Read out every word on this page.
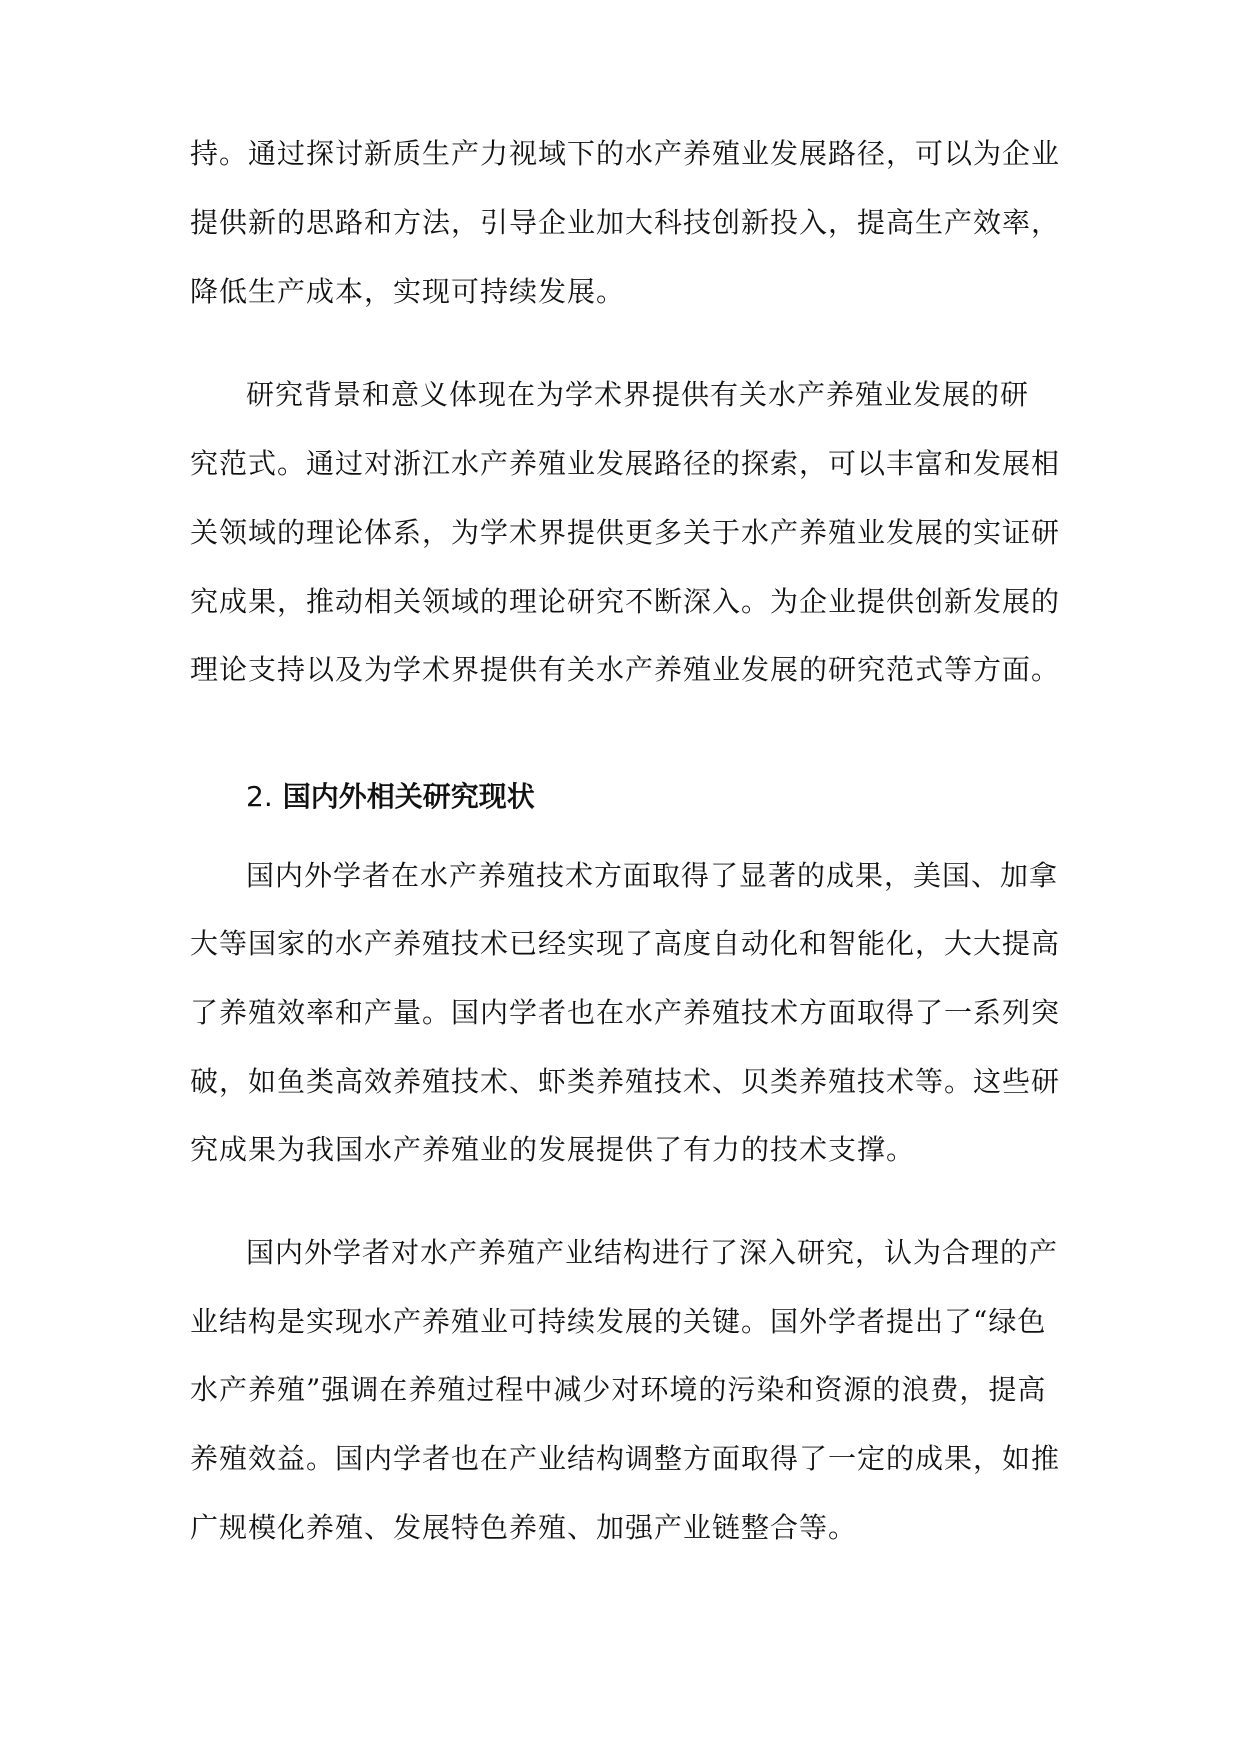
持。通过探讨新质生产力视域下的水产养殖业发展路径，可以为企业
提供新的思路和方法，引导企业加大科技创新投入，提高生产效率，
降低生产成本，实现可持续发展。
研究背景和意义体现在为学术界提供有关水产养殖业发展的研
究范式。通过对浙江水产养殖业发展路径的探索，可以丰富和发展相
关领域的理论体系，为学术界提供更多关于水产养殖业发展的实证研
究成果，推动相关领域的理论研究不断深入。为企业提供创新发展的
理论支持以及为学术界提供有关水产养殖业发展的研究范式等方面。
2. 国内外相关研究现状
国内外学者在水产养殖技术方面取得了显著的成果，美国、加拿
大等国家的水产养殖技术已经实现了高度自动化和智能化，大大提高
了养殖效率和产量。国内学者也在水产养殖技术方面取得了一系列突
破，如鱼类高效养殖技术、虾类养殖技术、贝类养殖技术等。这些研
究成果为我国水产养殖业的发展提供了有力的技术支撑。
国内外学者对水产养殖产业结构进行了深入研究，认为合理的产
业结构是实现水产养殖业可持续发展的关键。国外学者提出了“绿色
水产养殖”强调在养殖过程中减少对环境的污染和资源的浪费，提高
养殖效益。国内学者也在产业结构调整方面取得了一定的成果，如推
广规模化养殖、发展特色养殖、加强产业链整合等。
